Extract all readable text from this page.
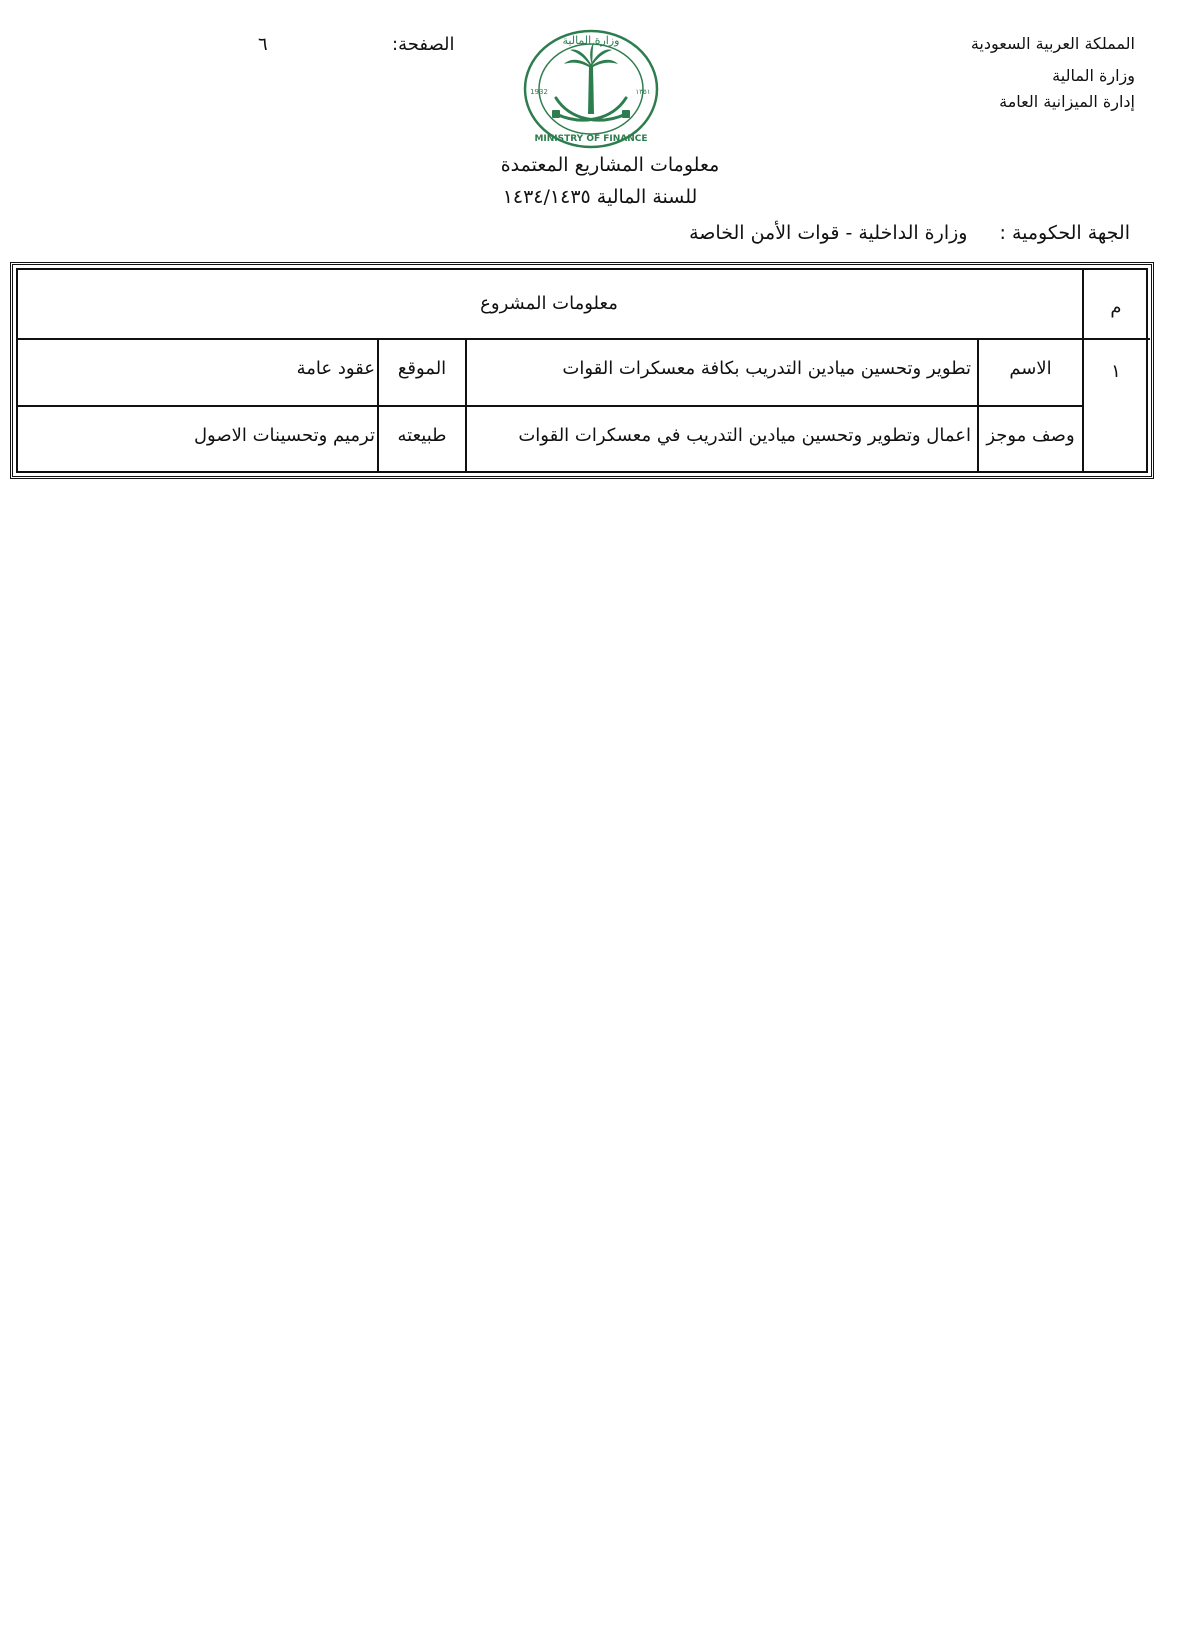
المملكة العربية السعودية
وزارة المالية
إدارة الميزانية العامة
الصفحة:
٦	وزارة المالية
MINISTRY OF FINANCE
1932	١٣٥١
معلومات المشاريع المعتمدة
للسنة المالية ١٤٣٤/١٤٣٥
الجهة الحكومية : وزارة الداخلية - قوات الأمن الخاصة
م
معلومات المشروع
١
الاسم
تطوير وتحسين ميادين التدريب بكافة معسكرات القوات
الموقع
عقود عامة
وصف موجز
اعمال وتطوير وتحسين ميادين التدريب في معسكرات القوات
طبيعته
ترميم وتحسينات الاصول
